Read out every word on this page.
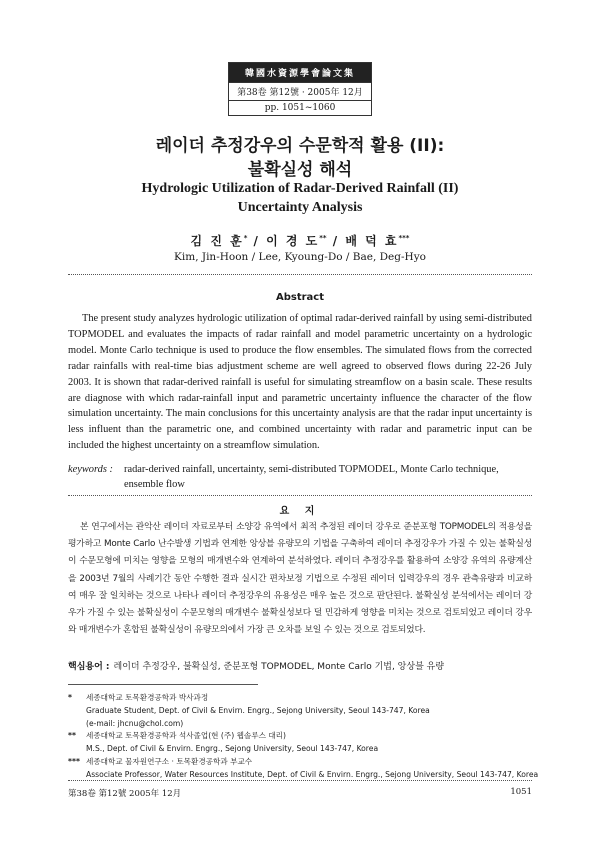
韓國水資源學會論文集
第38卷 第12號 · 2005年 12月
pp. 1051~1060
레이더 추정강우의 수문학적 활용 (II):
불확실성 해석
Hydrologic Utilization of Radar-Derived Rainfall (II)
Uncertainty Analysis
김 진 훈* / 이 경 도** / 배 덕 효***
Kim, Jin-Hoon / Lee, Kyoung-Do / Bae, Deg-Hyo
Abstract

The present study analyzes hydrologic utilization of optimal radar-derived rainfall by using semi-distributed TOPMODEL and evaluates the impacts of radar rainfall and model parametric uncertainty on a hydrologic model. Monte Carlo technique is used to produce the flow ensembles. The simulated flows from the corrected radar rainfalls with real-time bias adjustment scheme are well agreed to observed flows during 22-26 July 2003. It is shown that radar-derived rainfall is useful for simulating streamflow on a basin scale. These results are diagnose with which radar-rainfall input and parametric uncertainty influence the character of the flow simulation uncertainty. The main conclusions for this uncertainty analysis are that the radar input uncertainty is less influent than the parametric one, and combined uncertainty with radar and parametric input can be included the highest uncertainty on a streamflow simulation.

keywords :	radar-derived rainfall, uncertainty, semi-distributed TOPMODEL, Monte Carlo technique, ensemble flow
요 지

본 연구에서는 관악산 레이더 자료로부터 소양강 유역에서 최적 추정된 레이더 강우로 준분포형 TOPMODEL의 적용성을 평가하고 Monte Carlo 난수발생 기법과 연계한 앙상블 유량모의 기법을 구축하여 레이더 추정강우가 가질 수 있는 불확실성이 수문모형에 미치는 영향을 모형의 매개변수와 연계하여 분석하였다. 레이더 추정강우를 활용하여 소양강 유역의 유량계산을 2003년 7월의 사례기간 동안 수행한 결과 실시간 편차보정 기법으로 수정된 레이더 입력강우의 경우 관측유량과 비교하여 매우 잘 일치하는 것으로 나타나 레이더 추정강우의 유용성은 매우 높은 것으로 판단된다. 불확실성 분석에서는 레이더 강우가 가질 수 있는 불확실성이 수문모형의 매개변수 불확실성보다 덜 민감하게 영향을 미치는 것으로 검토되었고 레이더 강우와 매개변수가 혼합된 불확실성이 유량모의에서 가장 큰 오차를 보일 수 있는 것으로 검토되었다.

핵심용어 : 레이더 추정강우, 불확실성, 준분포형 TOPMODEL, Monte Carlo 기법, 앙상블 유량
*	세종대학교 토목환경공학과 박사과정
Graduate Student, Dept. of Civil & Envirn. Engrg., Sejong University, Seoul 143-747, Korea
(e-mail: jhcnu@chol.com)
**	세종대학교 토목환경공학과 석사졸업(현 (주) 웹솔루스 대리)
M.S., Dept. of Civil & Envirn. Engrg., Sejong University, Seoul 143-747, Korea
*** 세종대학교 물자원연구소 · 토목환경공학과 부교수
Associate Professor, Water Resources Institute, Dept. of Civil & Envirn. Engrg., Sejong University, Seoul 143-747, Korea
第38卷 第12號 2005年 12月	1051
